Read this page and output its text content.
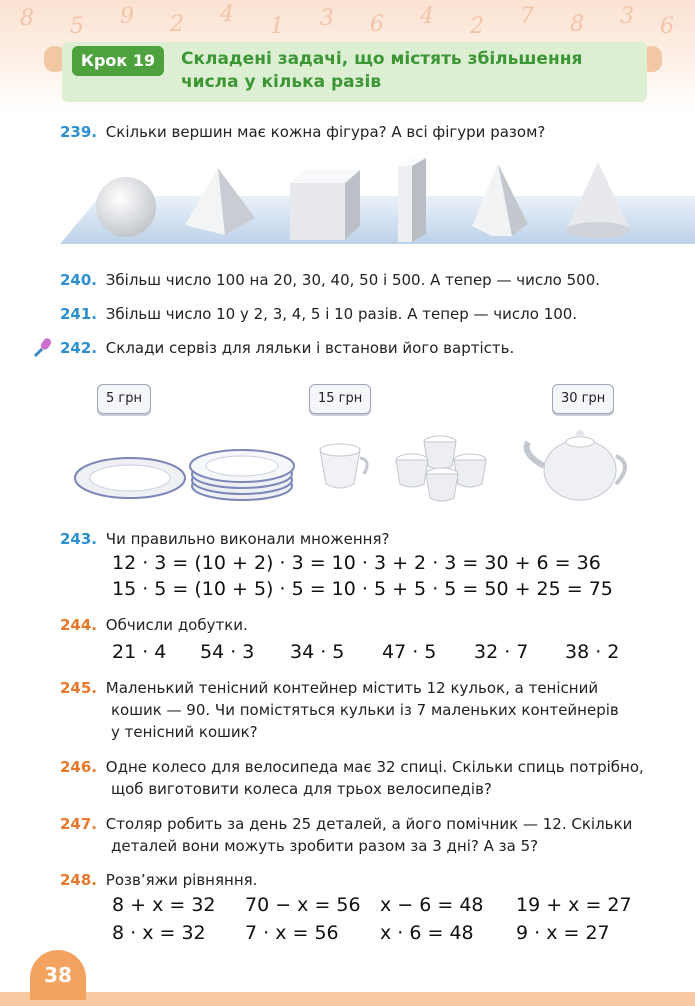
8 5 9 2 4 1 3 6 4 2 7 8 3 6
Крок 19	Складені задачі, що містять збільшення числа у кілька разів
239. Скільки вершин має кожна фігура? А всі фігури разом?
240. Збільш число 100 на 20, 30, 40, 50 і 500. А тепер — число 500.
241. Збільш число 10 у 2, 3, 4, 5 і 10 разів. А тепер — число 100.
242. Склади сервіз для ляльки і встанови його вартість.
5 грн	15 грн	30 грн
243. Чи правильно виконали множення?
12 · 3 = (10 + 2) · 3 = 10 · 3 + 2 · 3 = 30 + 6 = 36
15 · 5 = (10 + 5) · 5 = 10 · 5 + 5 · 5 = 50 + 25 = 75
244. Обчисли добутки.
21 · 4 54 · 3 34 · 5 47 · 5 32 · 7 38 · 2
245. Маленький тенісний контейнер містить 12 кульок, а тенісний
кошик — 90. Чи помістяться кульки із 7 маленьких контейнерів
у тенісний кошик?
246. Одне колесо для велосипеда має 32 спиці. Скільки спиць потрібно,
щоб виготовити колеса для трьох велосипедів?
247. Столяр робить за день 25 деталей, а його помічник — 12. Скільки
деталей вони можуть зробити разом за 3 дні? А за 5?
248. Розв’яжи рівняння.
8 + x = 32 70 − x = 56 x − 6 = 48 19 + x = 27
8 · x = 32 7 · x = 56 x · 6 = 48 9 · x = 27
38
